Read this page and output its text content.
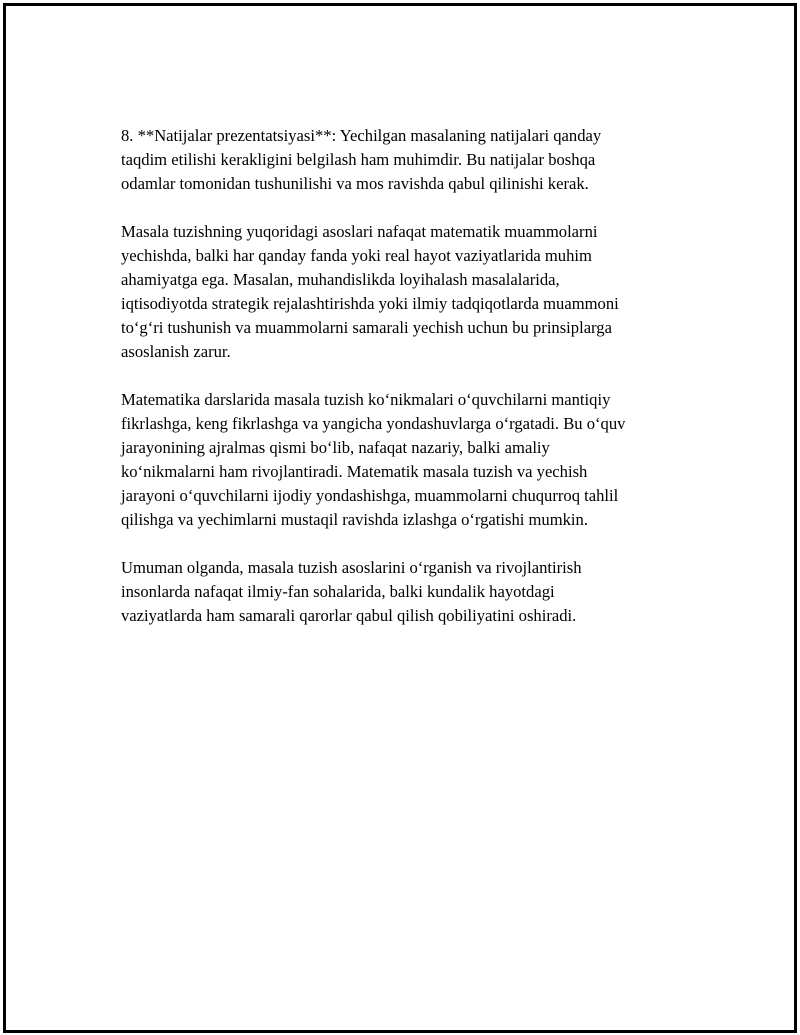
8. **Natijalar prezentatsiyasi**: Yechilgan masalaning natijalari qanday
taqdim etilishi kerakligini belgilash ham muhimdir. Bu natijalar boshqa
odamlar tomonidan tushunilishi va mos ravishda qabul qilinishi kerak.

Masala tuzishning yuqoridagi asoslari nafaqat matematik muammolarni
yechishda, balki har qanday fanda yoki real hayot vaziyatlarida muhim
ahamiyatga ega. Masalan, muhandislikda loyihalash masalalarida,
iqtisodiyotda strategik rejalashtirishda yoki ilmiy tadqiqotlarda muammoni
to‘g‘ri tushunish va muammolarni samarali yechish uchun bu prinsiplarga
asoslanish zarur.

Matematika darslarida masala tuzish ko‘nikmalari o‘quvchilarni mantiqiy
fikrlashga, keng fikrlashga va yangicha yondashuvlarga o‘rgatadi. Bu o‘quv
jarayonining ajralmas qismi bo‘lib, nafaqat nazariy, balki amaliy
ko‘nikmalarni ham rivojlantiradi. Matematik masala tuzish va yechish
jarayoni o‘quvchilarni ijodiy yondashishga, muammolarni chuqurroq tahlil
qilishga va yechimlarni mustaqil ravishda izlashga o‘rgatishi mumkin.

Umuman olganda, masala tuzish asoslarini o‘rganish va rivojlantirish
insonlarda nafaqat ilmiy-fan sohalarida, balki kundalik hayotdagi
vaziyatlarda ham samarali qarorlar qabul qilish qobiliyatini oshiradi.
